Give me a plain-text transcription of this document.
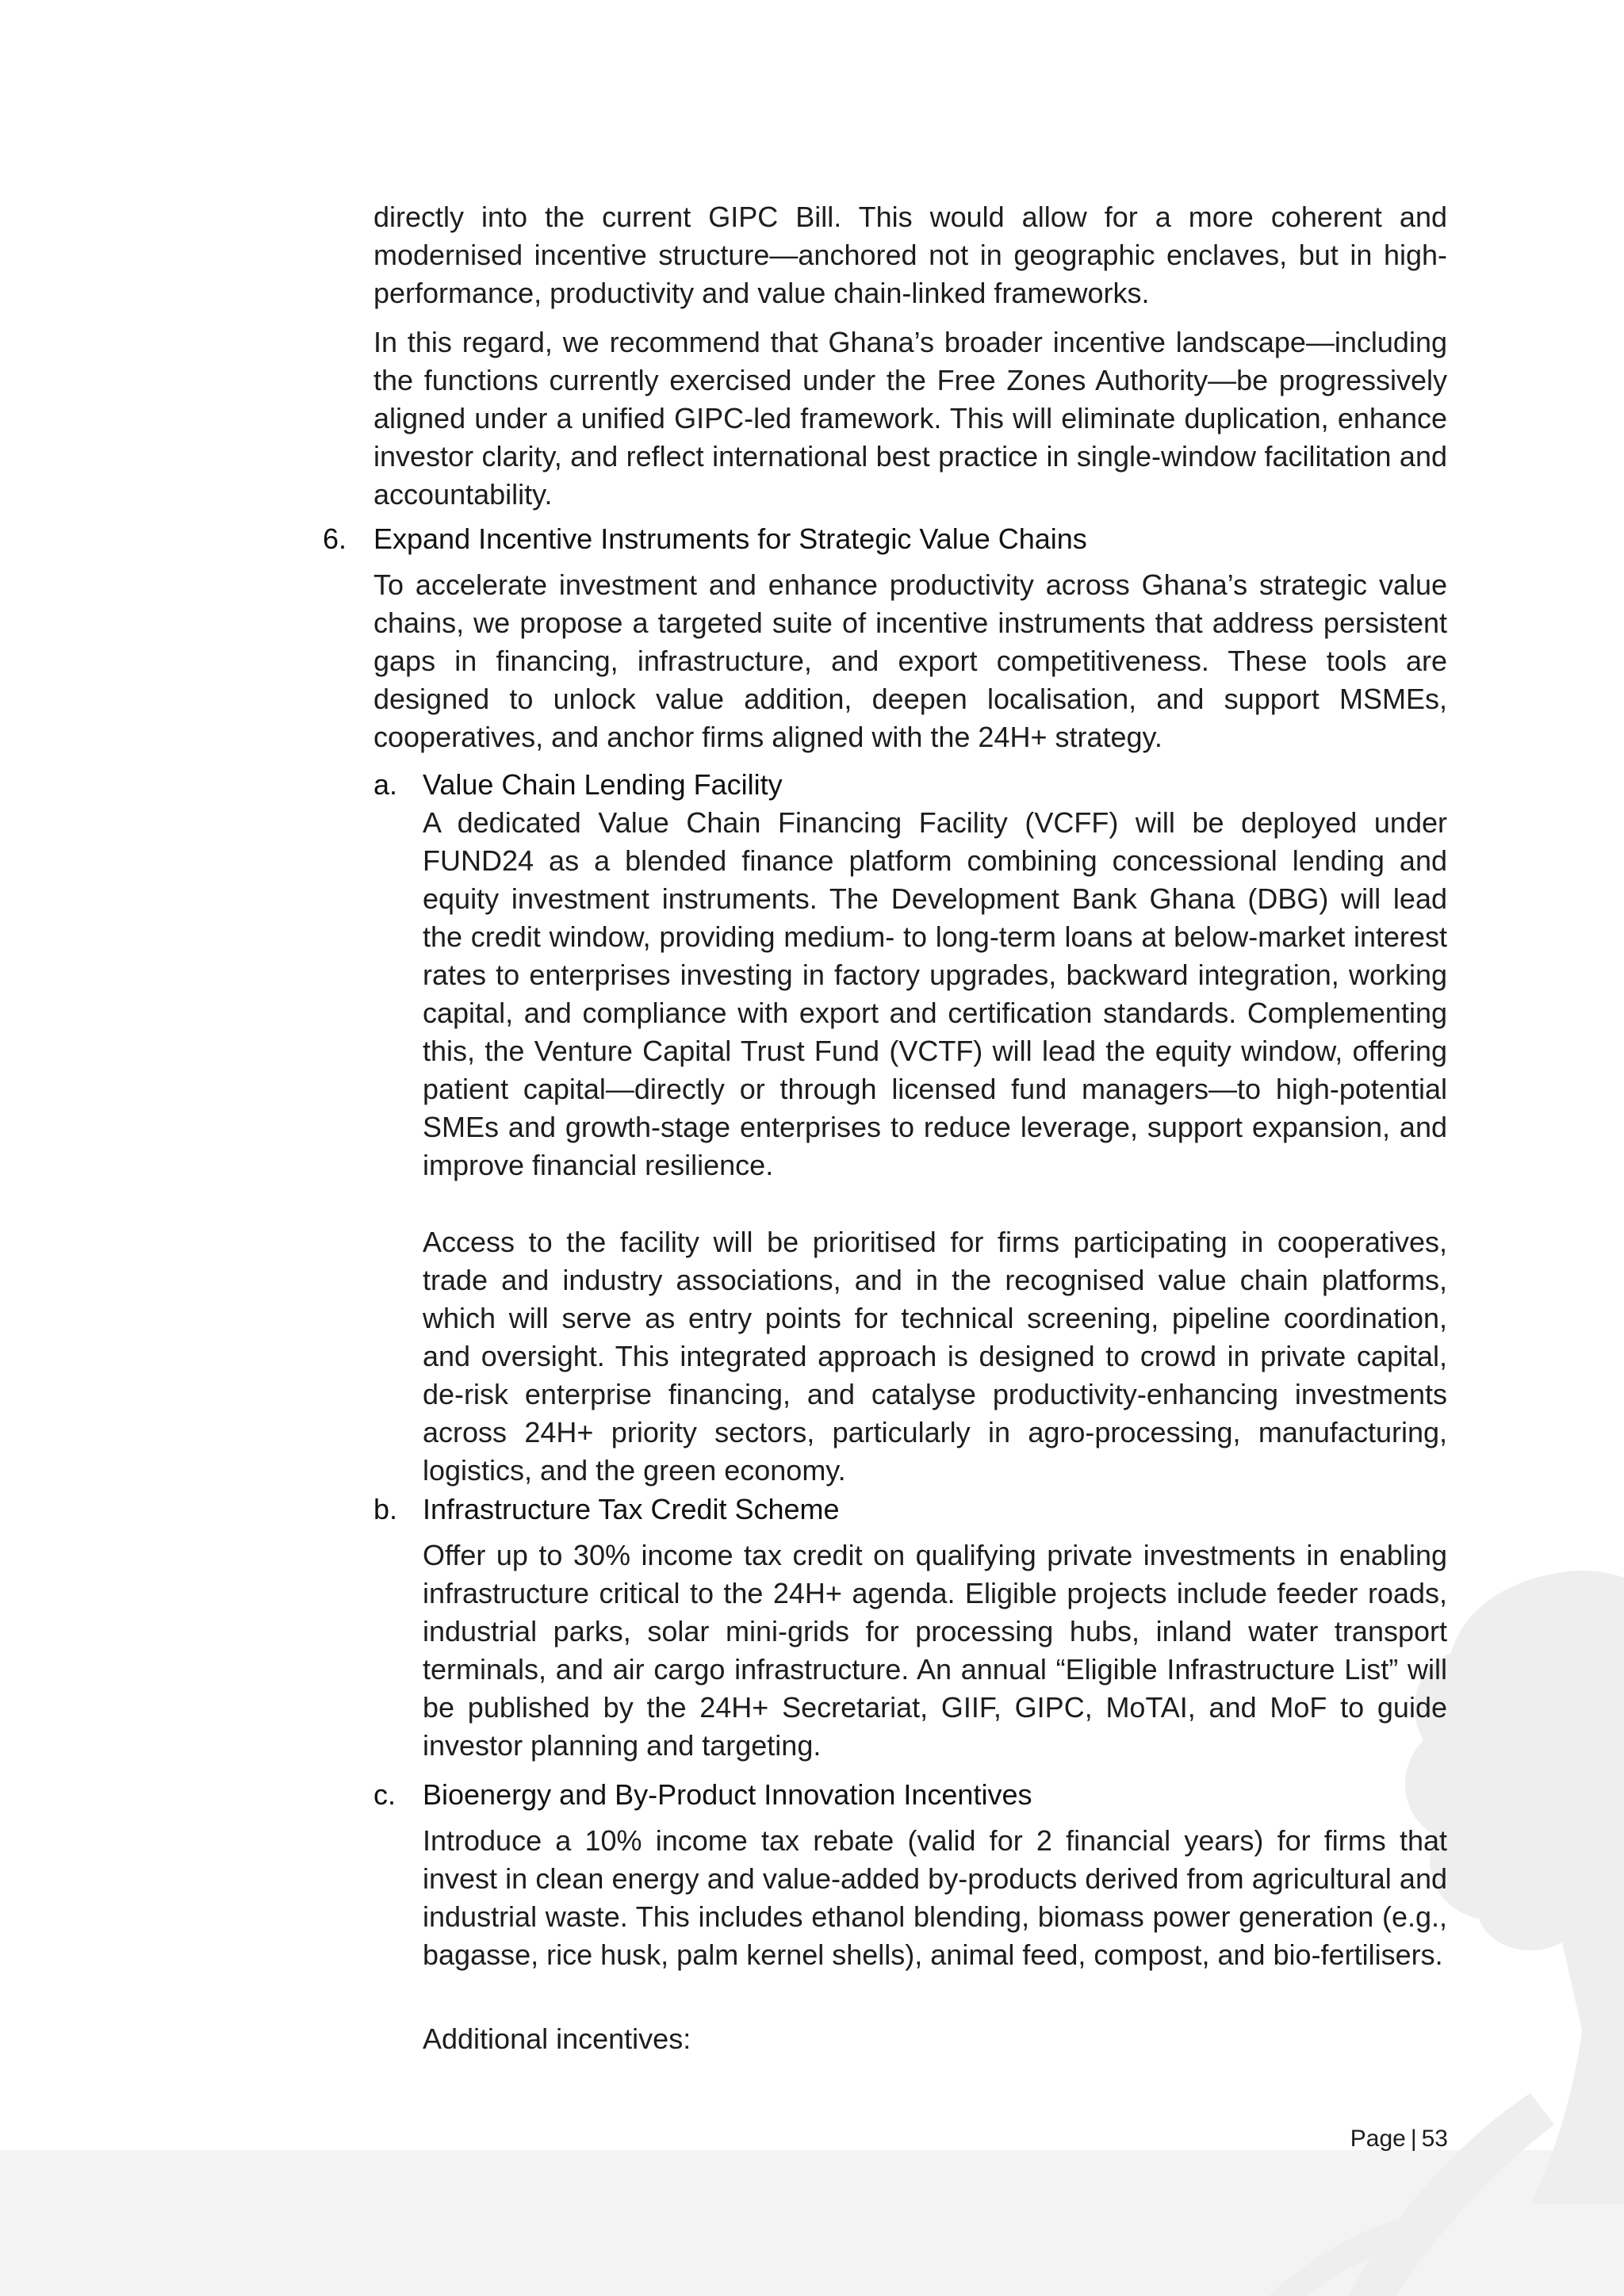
directly into the current GIPC Bill. This would allow for a more coherent and modernised incentive structure—anchored not in geographic enclaves, but in high-performance, productivity and value chain-linked frameworks.

In this regard, we recommend that Ghana’s broader incentive landscape—including the functions currently exercised under the Free Zones Authority—be progressively aligned under a unified GIPC-led framework. This will eliminate duplication, enhance investor clarity, and reflect international best practice in single-window facilitation and accountability.

6. Expand Incentive Instruments for Strategic Value Chains

To accelerate investment and enhance productivity across Ghana’s strategic value chains, we propose a targeted suite of incentive instruments that address persistent gaps in financing, infrastructure, and export competitiveness. These tools are designed to unlock value addition, deepen localisation, and support MSMEs, cooperatives, and anchor firms aligned with the 24H+ strategy.

a. Value Chain Lending Facility

A dedicated Value Chain Financing Facility (VCFF) will be deployed under FUND24 as a blended finance platform combining concessional lending and equity investment instruments. The Development Bank Ghana (DBG) will lead the credit window, providing medium- to long-term loans at below-market interest rates to enterprises investing in factory upgrades, backward integration, working capital, and compliance with export and certification standards. Complementing this, the Venture Capital Trust Fund (VCTF) will lead the equity window, offering patient capital—directly or through licensed fund managers—to high-potential SMEs and growth-stage enterprises to reduce leverage, support expansion, and improve financial resilience.

Access to the facility will be prioritised for firms participating in cooperatives, trade and industry associations, and in the recognised value chain platforms, which will serve as entry points for technical screening, pipeline coordination, and oversight. This integrated approach is designed to crowd in private capital, de-risk enterprise financing, and catalyse productivity-enhancing investments across 24H+ priority sectors, particularly in agro-processing, manufacturing, logistics, and the green economy.

b. Infrastructure Tax Credit Scheme

Offer up to 30% income tax credit on qualifying private investments in enabling infrastructure critical to the 24H+ agenda. Eligible projects include feeder roads, industrial parks, solar mini-grids for processing hubs, inland water transport terminals, and air cargo infrastructure. An annual “Eligible Infrastructure List” will be published by the 24H+ Secretariat, GIIF, GIPC, MoTAI, and MoF to guide investor planning and targeting.

c. Bioenergy and By-Product Innovation Incentives

Introduce a 10% income tax rebate (valid for 2 financial years) for firms that invest in clean energy and value-added by-products derived from agricultural and industrial waste. This includes ethanol blending, biomass power generation (e.g., bagasse, rice husk, palm kernel shells), animal feed, compost, and bio-fertilisers.

Additional incentives:

Page | 53
